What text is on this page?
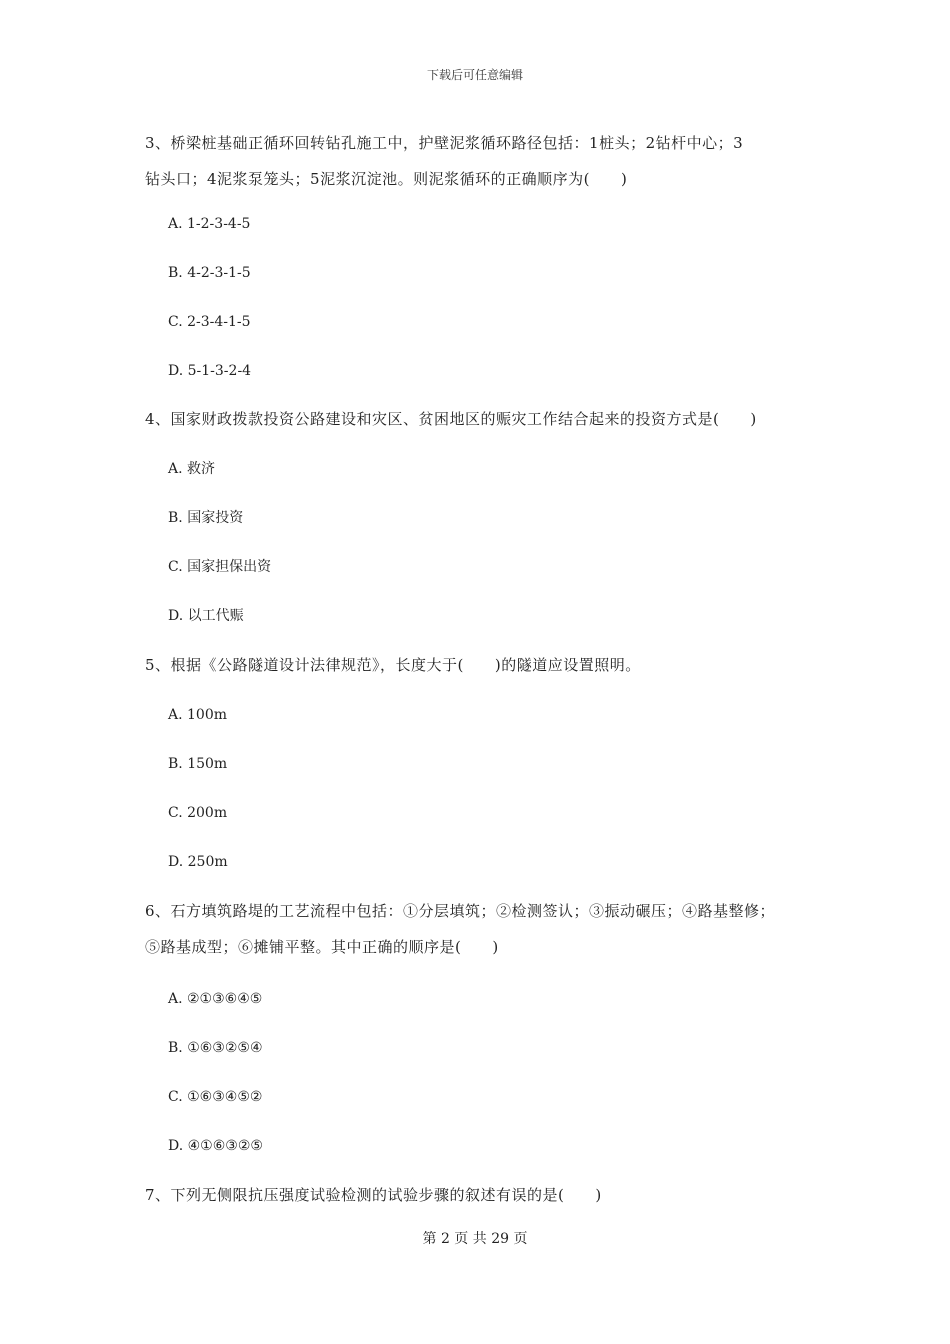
下载后可任意编辑

3、桥梁桩基础正循环回转钻孔施工中，护壁泥浆循环路径包括：1桩头；2钻杆中心；3

钻头口；4泥浆泵笼头；5泥浆沉淀池。则泥浆循环的正确顺序为(　　)

A. 1-2-3-4-5

B. 4-2-3-1-5

C. 2-3-4-1-5

D. 5-1-3-2-4

4、国家财政拨款投资公路建设和灾区、贫困地区的赈灾工作结合起来的投资方式是(　　)

A. 救济

B. 国家投资

C. 国家担保出资

D. 以工代赈

5、根据《公路隧道设计法律规范》，长度大于(　　)的隧道应设置照明。

A. 100m

B. 150m

C. 200m

D. 250m

6、石方填筑路堤的工艺流程中包括：①分层填筑；②检测签认；③振动碾压；④路基整修；

⑤路基成型；⑥摊铺平整。其中正确的顺序是(　　)

A. ②①③⑥④⑤

B. ①⑥③②⑤④

C. ①⑥③④⑤②

D. ④①⑥③②⑤

7、下列无侧限抗压强度试验检测的试验步骤的叙述有误的是(　　)

第 2 页 共 29 页
